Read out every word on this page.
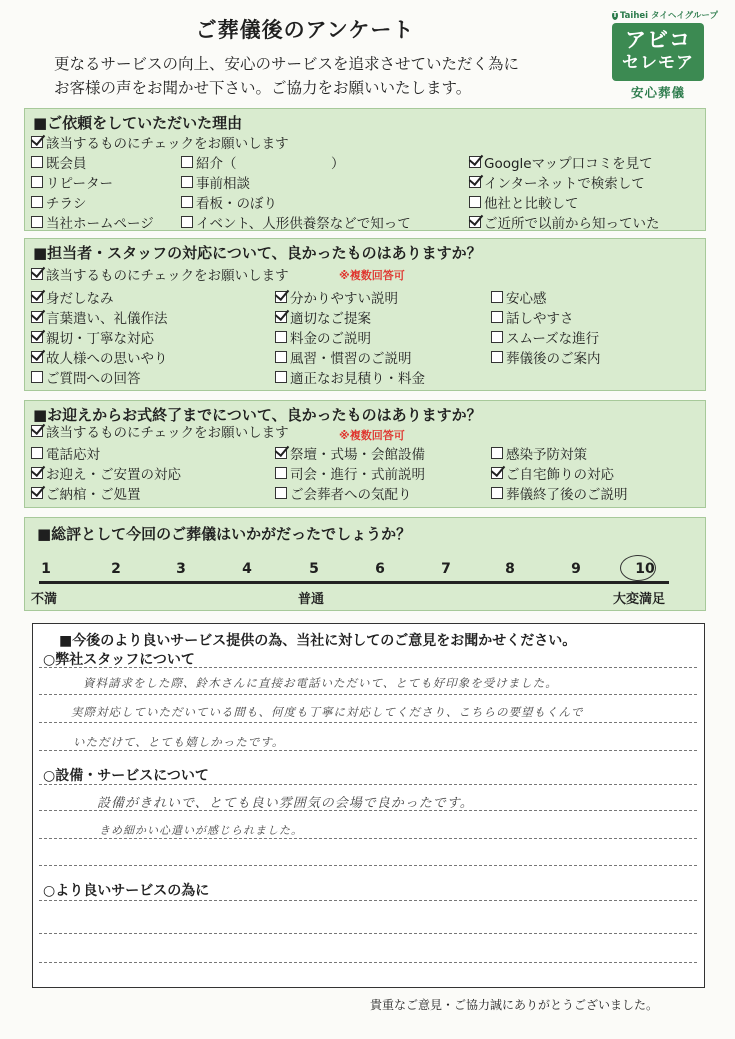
ご葬儀後のアンケート
更なるサービスの向上、安心のサービスを追求させていただく為に
お客様の声をお聞かせ下さい。ご協力をお願いいたします。
T Taihei タイヘイグループ
アビコ
セレモア
安心葬儀
■ご依頼をしていただいた理由
該当するものにチェックをお願いします
既会員	紹介（　　　　　　　）	Googleマップ口コミを見て
リピーター	事前相談	インターネットで検索して
チラシ	看板・のぼり	他社と比較して
当社ホームページ	イベント、人形供養祭などで知って	ご近所で以前から知っていた
■担当者・スタッフの対応について、良かったものはありますか？
該当するものにチェックをお願いします	※複数回答可
身だしなみ	分かりやすい説明	安心感
言葉遣い、礼儀作法	適切なご提案	話しやすさ
親切・丁寧な対応	料金のご説明	スムーズな進行
故人様への思いやり	風習・慣習のご説明	葬儀後のご案内
ご質問への回答	適正なお見積り・料金
■お迎えからお式終了までについて、良かったものはありますか？
該当するものにチェックをお願いします	※複数回答可
電話応対	祭壇・式場・会館設備	感染予防対策
お迎え・ご安置の対応	司会・進行・式前説明	ご自宅飾りの対応
ご納棺・ご処置	ご会葬者への気配り	葬儀終了後のご説明
■総評として今回のご葬儀はいかがだったでしょうか？
1	2	3	4	5	6	7	8	9	10
不満	普通	大変満足
■今後のより良いサービス提供の為、当社に対してのご意見をお聞かせください。
○弊社スタッフについて
資料請求をした際、鈴木さんに直接お電話いただいて、とても好印象を受けました。
実際対応していただいている間も、何度も丁寧に対応してくださり、こちらの要望もくんで
いただけて、とても嬉しかったです。
○設備・サービスについて
設備がきれいで、とても良い雰囲気の会場で良かったです。
きめ細かい心遣いが感じられました。
○より良いサービスの為に
貴重なご意見・ご協力誠にありがとうございました。
